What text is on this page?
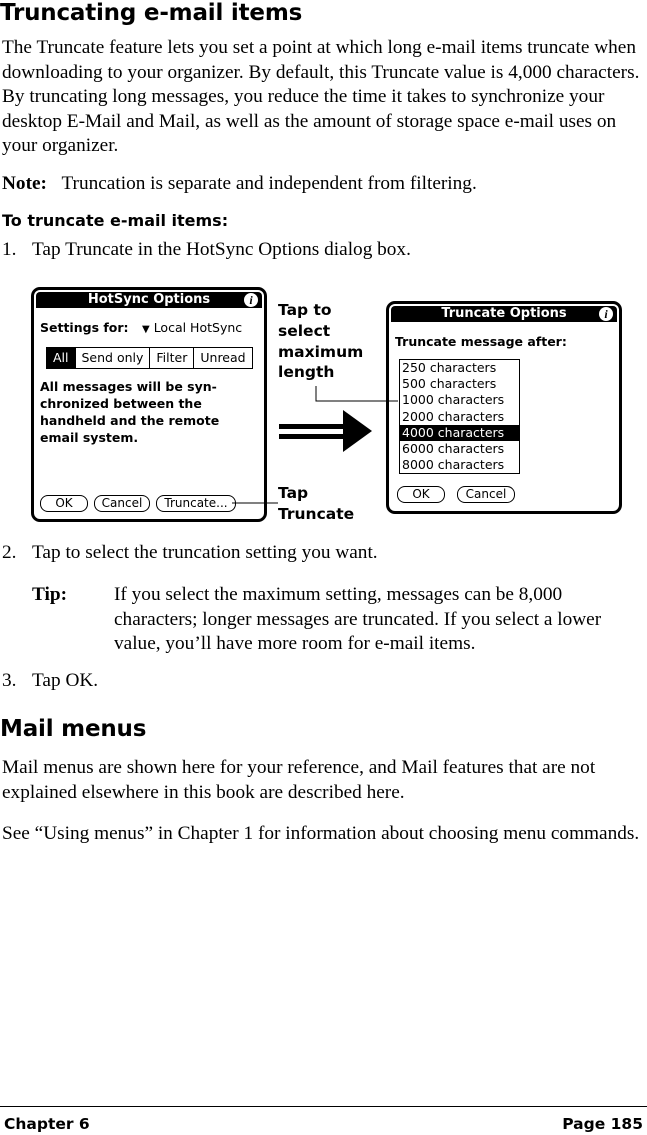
Truncating e-mail items

The Truncate feature lets you set a point at which long e-mail items truncate when downloading to your organizer. By default, this Truncate value is 4,000 characters. By truncating long messages, you reduce the time it takes to synchronize your desktop E-Mail and Mail, as well as the amount of storage space e-mail uses on your organizer.

Note: Truncation is separate and independent from filtering.

To truncate e-mail items:

1. Tap Truncate in the HotSync Options dialog box.

HotSync Options	i
Settings for: ▼ Local HotSync
All	Send only	Filter	Unread
All messages will be syn-
chronized between the
handheld and the remote
email system.
OK	Cancel	Truncate...
Truncate Options	i
Truncate message after:
250 characters
500 characters
1000 characters
2000 characters
4000 characters
6000 characters
8000 characters
OK	Cancel
Tap to
select
maximum
length
Tap
Truncate

2. Tap to select the truncation setting you want.

Tip: If you select the maximum setting, messages can be 8,000 characters; longer messages are truncated. If you select a lower value, you’ll have more room for e-mail items.

3. Tap OK.

Mail menus

Mail menus are shown here for your reference, and Mail features that are not explained elsewhere in this book are described here.

See “Using menus” in Chapter 1 for information about choosing menu commands.

Chapter 6	Page 185
